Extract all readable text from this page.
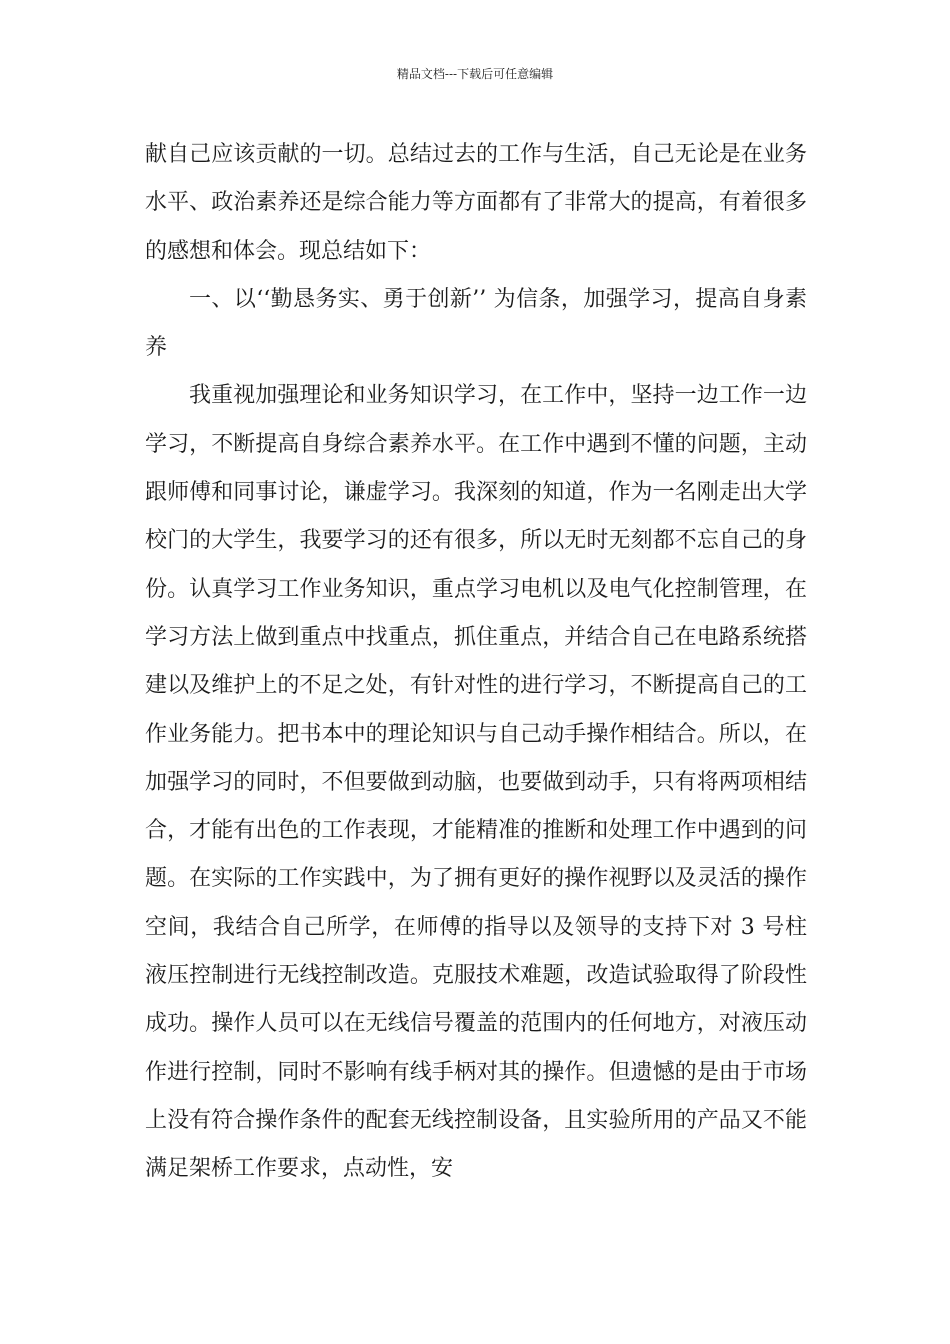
精品文档---下载后可任意编辑

献自己应该贡献的一切。总结过去的工作与生活，自己无论是在业务水平、政治素养还是综合能力等方面都有了非常大的提高，有着很多的感想和体会。现总结如下：

一、以‘‘勤恳务实、勇于创新’’ 为信条，加强学习，提高自身素养

我重视加强理论和业务知识学习，在工作中，坚持一边工作一边学习，不断提高自身综合素养水平。在工作中遇到不懂的问题，主动跟师傅和同事讨论，谦虚学习。我深刻的知道，作为一名刚走出大学校门的大学生，我要学习的还有很多，所以无时无刻都不忘自己的身份。认真学习工作业务知识，重点学习电机以及电气化控制管理，在学习方法上做到重点中找重点，抓住重点，并结合自己在电路系统搭建以及维护上的不足之处，有针对性的进行学习，不断提高自己的工作业务能力。把书本中的理论知识与自己动手操作相结合。所以，在加强学习的同时，不但要做到动脑，也要做到动手，只有将两项相结合，才能有出色的工作表现，才能精准的推断和处理工作中遇到的问题。在实际的工作实践中，为了拥有更好的操作视野以及灵活的操作空间，我结合自己所学，在师傅的指导以及领导的支持下对 3 号柱液压控制进行无线控制改造。克服技术难题，改造试验取得了阶段性成功。操作人员可以在无线信号覆盖的范围内的任何地方，对液压动作进行控制，同时不影响有线手柄对其的操作。但遗憾的是由于市场上没有符合操作条件的配套无线控制设备，且实验所用的产品又不能满足架桥工作要求，点动性，安
